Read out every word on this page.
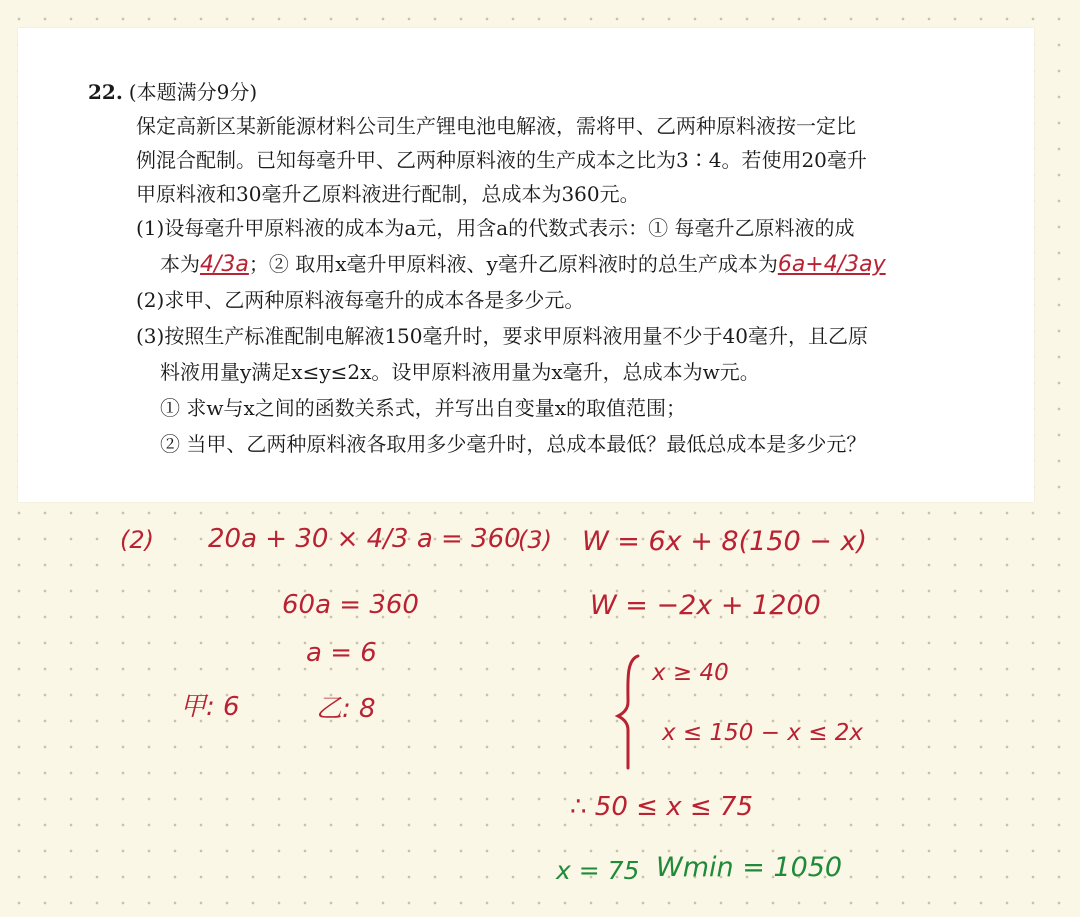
22. (本题满分9分)
保定高新区某新能源材料公司生产锂电池电解液，需将甲、乙两种原料液按一定比
例混合配制。已知每毫升甲、乙两种原料液的生产成本之比为3∶4。若使用20毫升
甲原料液和30毫升乙原料液进行配制，总成本为360元。
(1)设每毫升甲原料液的成本为a元，用含a的代数式表示：① 每毫升乙原料液的成
本为4/3a；② 取用x毫升甲原料液、y毫升乙原料液时的总生产成本为6a+4/3ay
(2)求甲、乙两种原料液每毫升的成本各是多少元。
(3)按照生产标准配制电解液150毫升时，要求甲原料液用量不少于40毫升，且乙原
料液用量y满足x≤y≤2x。设甲原料液用量为x毫升，总成本为w元。
① 求w与x之间的函数关系式，并写出自变量x的取值范围；
② 当甲、乙两种原料液各取用多少毫升时，总成本最低？最低总成本是多少元？
(2) 20a + 30 × 4/3 a = 360
60a = 360
a = 6
甲: 6	乙: 8
(3) W = 6x + 8(150 − x)
W = −2x + 1200
x ≥ 40
x ≤ 150 − x ≤ 2x
∴ 50 ≤ x ≤ 75
x = 75 Wmin = 1050
